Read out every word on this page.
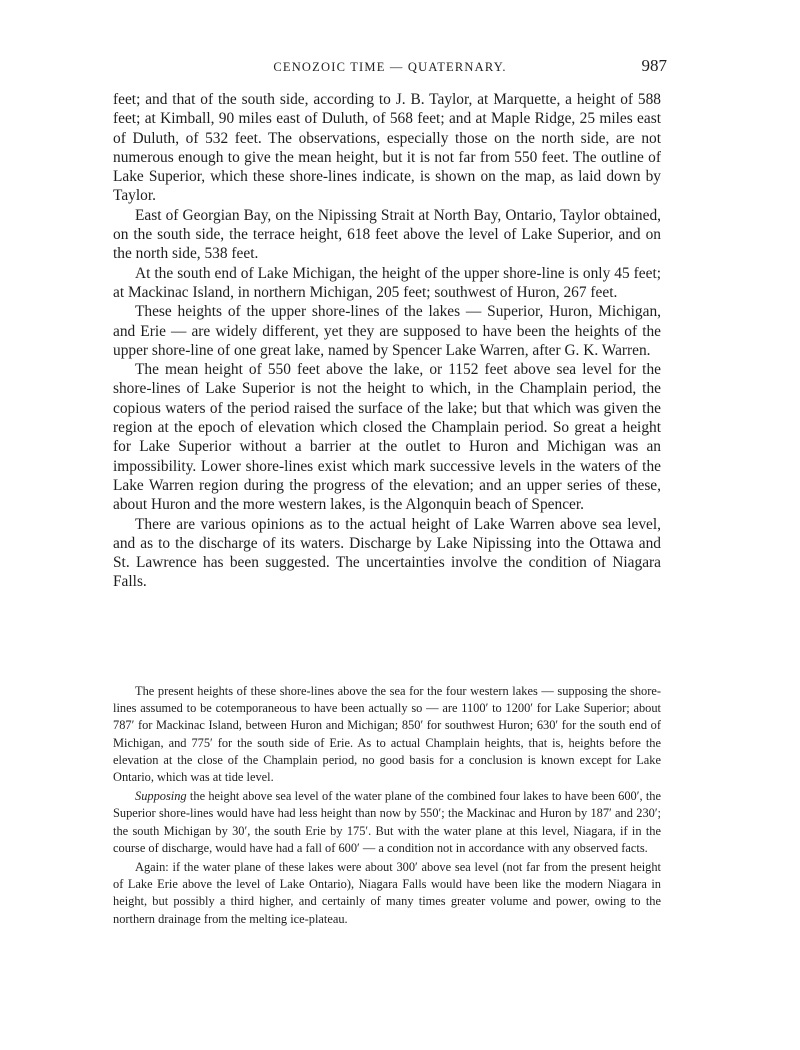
CENOZOIC TIME — QUATERNARY.	987

feet; and that of the south side, according to J. B. Taylor, at Marquette, a height of 588 feet; at Kimball, 90 miles east of Duluth, of 568 feet; and at Maple Ridge, 25 miles east of Duluth, of 532 feet. The observations, especially those on the north side, are not numerous enough to give the mean height, but it is not far from 550 feet. The outline of Lake Superior, which these shore-lines indicate, is shown on the map, as laid down by Taylor.

East of Georgian Bay, on the Nipissing Strait at North Bay, Ontario, Taylor obtained, on the south side, the terrace height, 618 feet above the level of Lake Superior, and on the north side, 538 feet.

At the south end of Lake Michigan, the height of the upper shore-line is only 45 feet; at Mackinac Island, in northern Michigan, 205 feet; southwest of Huron, 267 feet.

These heights of the upper shore-lines of the lakes — Superior, Huron, Michigan, and Erie — are widely different, yet they are supposed to have been the heights of the upper shore-line of one great lake, named by Spencer Lake Warren, after G. K. Warren.

The mean height of 550 feet above the lake, or 1152 feet above sea level for the shore-lines of Lake Superior is not the height to which, in the Champlain period, the copious waters of the period raised the surface of the lake; but that which was given the region at the epoch of elevation which closed the Champlain period. So great a height for Lake Superior without a barrier at the outlet to Huron and Michigan was an impossibility. Lower shore-lines exist which mark successive levels in the waters of the Lake Warren region during the progress of the elevation; and an upper series of these, about Huron and the more western lakes, is the Algonquin beach of Spencer.

There are various opinions as to the actual height of Lake Warren above sea level, and as to the discharge of its waters. Discharge by Lake Nipissing into the Ottawa and St. Lawrence has been suggested. The uncertainties involve the condition of Niagara Falls.

The present heights of these shore-lines above the sea for the four western lakes — supposing the shore-lines assumed to be cotemporaneous to have been actually so — are 1100′ to 1200′ for Lake Superior; about 787′ for Mackinac Island, between Huron and Michigan; 850′ for southwest Huron; 630′ for the south end of Michigan, and 775′ for the south side of Erie. As to actual Champlain heights, that is, heights before the elevation at the close of the Champlain period, no good basis for a conclusion is known except for Lake Ontario, which was at tide level.

Supposing the height above sea level of the water plane of the combined four lakes to have been 600′, the Superior shore-lines would have had less height than now by 550′; the Mackinac and Huron by 187′ and 230′; the south Michigan by 30′, the south Erie by 175′. But with the water plane at this level, Niagara, if in the course of discharge, would have had a fall of 600′ — a condition not in accordance with any observed facts.

Again: if the water plane of these lakes were about 300′ above sea level (not far from the present height of Lake Erie above the level of Lake Ontario), Niagara Falls would have been like the modern Niagara in height, but possibly a third higher, and certainly of many times greater volume and power, owing to the northern drainage from the melting ice-plateau.
